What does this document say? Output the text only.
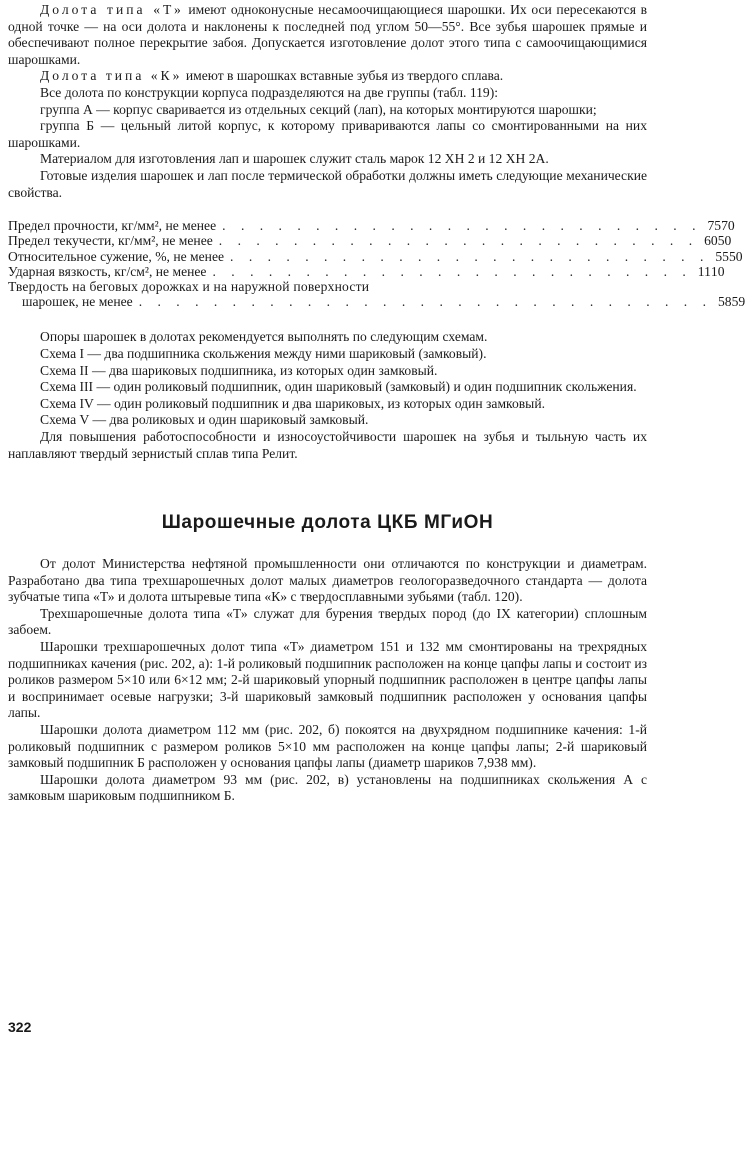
Долота типа «Т» имеют одноконусные несамоочищающиеся шарошки. Их оси пересекаются в одной точке — на оси долота и наклонены к последней под углом 50—55°. Все зубья шарошек прямые и обеспечивают полное перекрытие забоя. Допускается изготовление долот этого типа с самоочищающимися шарошками.

Долота типа «К» имеют в шарошках вставные зубья из твердого сплава.

Все долота по конструкции корпуса подразделяются на две группы (табл. 119):

группа А — корпус сваривается из отдельных секций (лап), на которых монтируются шарошки;

группа Б — цельный литой корпус, к которому привариваются лапы со смонтированными на них шарошками.

Материалом для изготовления лап и шарошек служит сталь марок 12 ХН 2 и 12 ХН 2А.

Готовые изделия шарошек и лап после термической обработки должны иметь следующие механические свойства.

Предел прочности, кг/мм², не менее . . . . . . . . . . . . . . . . . . . . . . . . . . 75 70
Предел текучести, кг/мм², не менее . . . . . . . . . . . . . . . . . . . . . . . . . . 60 50
Относительное сужение, %, не менее . . . . . . . . . . . . . . . . . . . . . . . . . . 55 50
Ударная вязкость, кг/см², не менее . . . . . . . . . . . . . . . . . . . . . . . . . . 11 10
Твердость на беговых дорожках и на наружной поверхности
шарошек, не менее . . . . . . . . . . . . . . . . . . . . . . . . . . . . . . . 58 59

Опоры шарошек в долотах рекомендуется выполнять по следующим схемам.

Схема I — два подшипника скольжения между ними шариковый (замковый).

Схема II — два шариковых подшипника, из которых один замковый.

Схема III — один роликовый подшипник, один шариковый (замковый) и один подшипник скольжения.

Схема IV — один роликовый подшипник и два шариковых, из которых один замковый.

Схема V — два роликовых и один шариковый замковый.

Для повышения работоспособности и износоустойчивости шарошек на зубья и тыльную часть их наплавляют твердый зернистый сплав типа Релит.

Шарошечные долота ЦКБ МГиОН

От долот Министерства нефтяной промышленности они отличаются по конструкции и диаметрам. Разработано два типа трехшарошечных долот малых диаметров геологоразведочного стандарта — долота зубчатые типа «Т» и долота штыревые типа «К» с твердосплавными зубьями (табл. 120).

Трехшарошечные долота типа «Т» служат для бурения твердых пород (до IX категории) сплошным забоем.

Шарошки трехшарошечных долот типа «Т» диаметром 151 и 132 мм смонтированы на трехрядных подшипниках качения (рис. 202, а): 1-й роликовый подшипник расположен на конце цапфы лапы и состоит из роликов размером 5×10 или 6×12 мм; 2-й шариковый упорный подшипник расположен в центре цапфы лапы и воспринимает осевые нагрузки; 3-й шариковый замковый подшипник расположен у основания цапфы лапы.

Шарошки долота диаметром 112 мм (рис. 202, б) покоятся на двухрядном подшипнике качения: 1-й роликовый подшипник с размером роликов 5×10 мм расположен на конце цапфы лапы; 2-й шариковый замковый подшипник Б расположен у основания цапфы лапы (диаметр шариков 7,938 мм).

Шарошки долота диаметром 93 мм (рис. 202, в) установлены на подшипниках скольжения А с замковым шариковым подшипником Б.

322
